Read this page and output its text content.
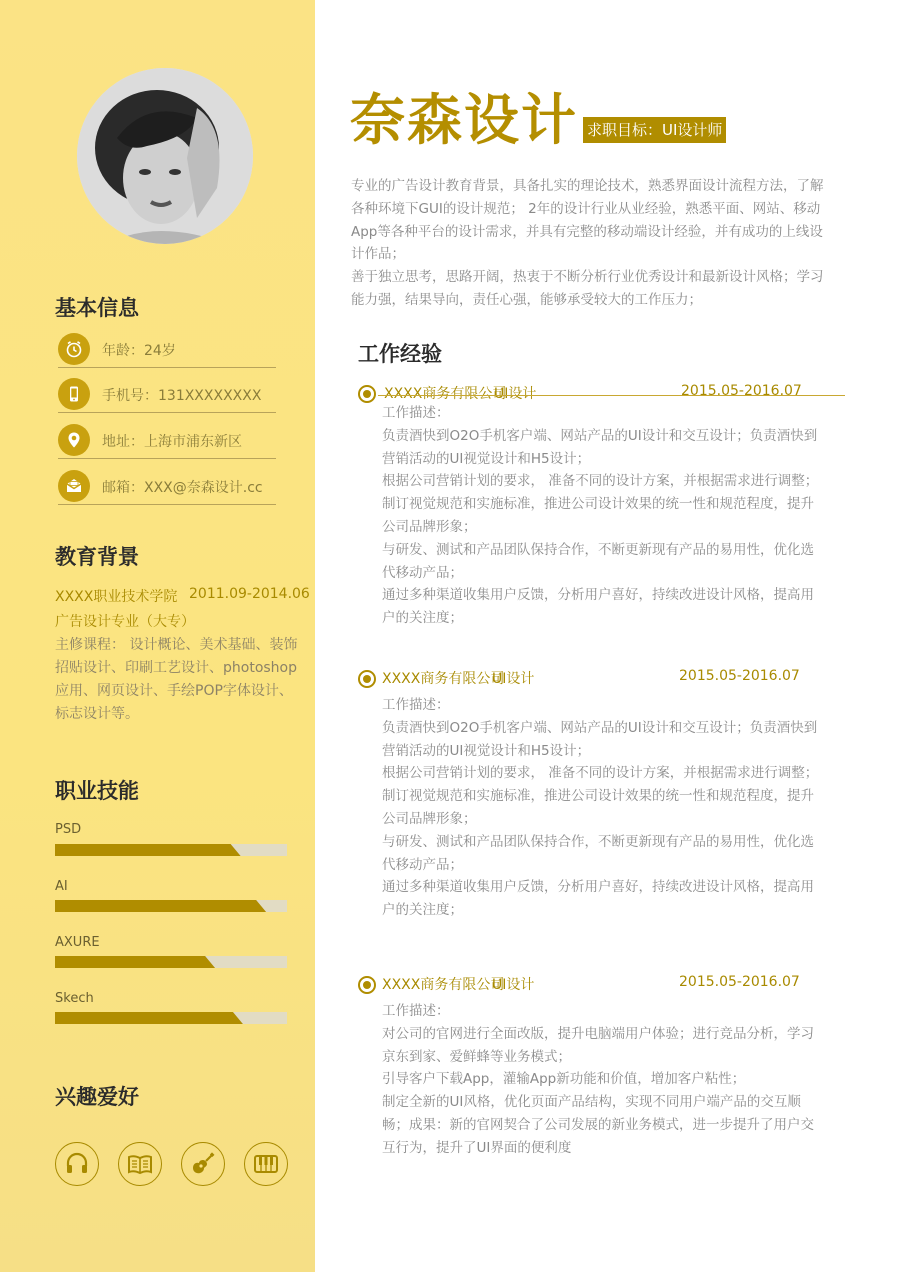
基本信息
年龄：24岁
手机号：131XXXXXXXX
地址：上海市浦东新区
邮箱：XXX@奈森设计.cc
教育背景
XXXX职业技术学院 2011.09-2014.06
广告设计专业（大专）

主修课程： 设计概论、美术基础、装饰招贴设计、印刷工艺设计、photoshop应用、网页设计、手绘POP字体设计、标志设计等。

职业技能
PSD
AI
AXURE
Skech
兴趣爱好
奈森设计 求职目标：UI设计师

专业的广告设计教育背景，具备扎实的理论技术，熟悉界面设计流程方法，了解各种环境下GUI的设计规范； 2年的设计行业从业经验，熟悉平面、网站、移动App等各种平台的设计需求，并具有完整的移动端设计经验，并有成功的上线设计作品；

善于独立思考，思路开阔，热衷于不断分析行业优秀设计和最新设计风格；学习能力强，结果导向，责任心强，能够承受较大的工作压力；

工作经验
XXXX商务有限公司
UI设计	2015.05-2016.07

工作描述：

负责酒快到O2O手机客户端、网站产品的UI设计和交互设计；负责酒快到营销活动的UI视觉设计和H5设计；

根据公司营销计划的要求， 准备不同的设计方案，并根据需求进行调整；

制订视觉规范和实施标准，推进公司设计效果的统一性和规范程度，提升公司品牌形象；

与研发、测试和产品团队保持合作，不断更新现有产品的易用性，优化选代移动产品；

通过多种渠道收集用户反馈，分析用户喜好，持续改进设计风格，提高用户的关注度；

XXXX商务有限公司
UI设计	2015.05-2016.07

工作描述：

负责酒快到O2O手机客户端、网站产品的UI设计和交互设计；负责酒快到营销活动的UI视觉设计和H5设计；

根据公司营销计划的要求， 准备不同的设计方案，并根据需求进行调整；

制订视觉规范和实施标准，推进公司设计效果的统一性和规范程度，提升公司品牌形象；

与研发、测试和产品团队保持合作，不断更新现有产品的易用性，优化选代移动产品；

通过多种渠道收集用户反馈，分析用户喜好，持续改进设计风格，提高用户的关注度；

XXXX商务有限公司
UI设计	2015.05-2016.07

工作描述：

对公司的官网进行全面改版，提升电脑端用户体验；进行竞品分析，学习京东到家、爱鲜蜂等业务模式；

引导客户下载App，灌输App新功能和价值，增加客户粘性；

制定全新的UI风格，优化页面产品结构，实现不同用户端产品的交互顺畅；成果：新的官网契合了公司发展的新业务模式，进一步提升了用户交互行为，提升了UI界面的便利度
